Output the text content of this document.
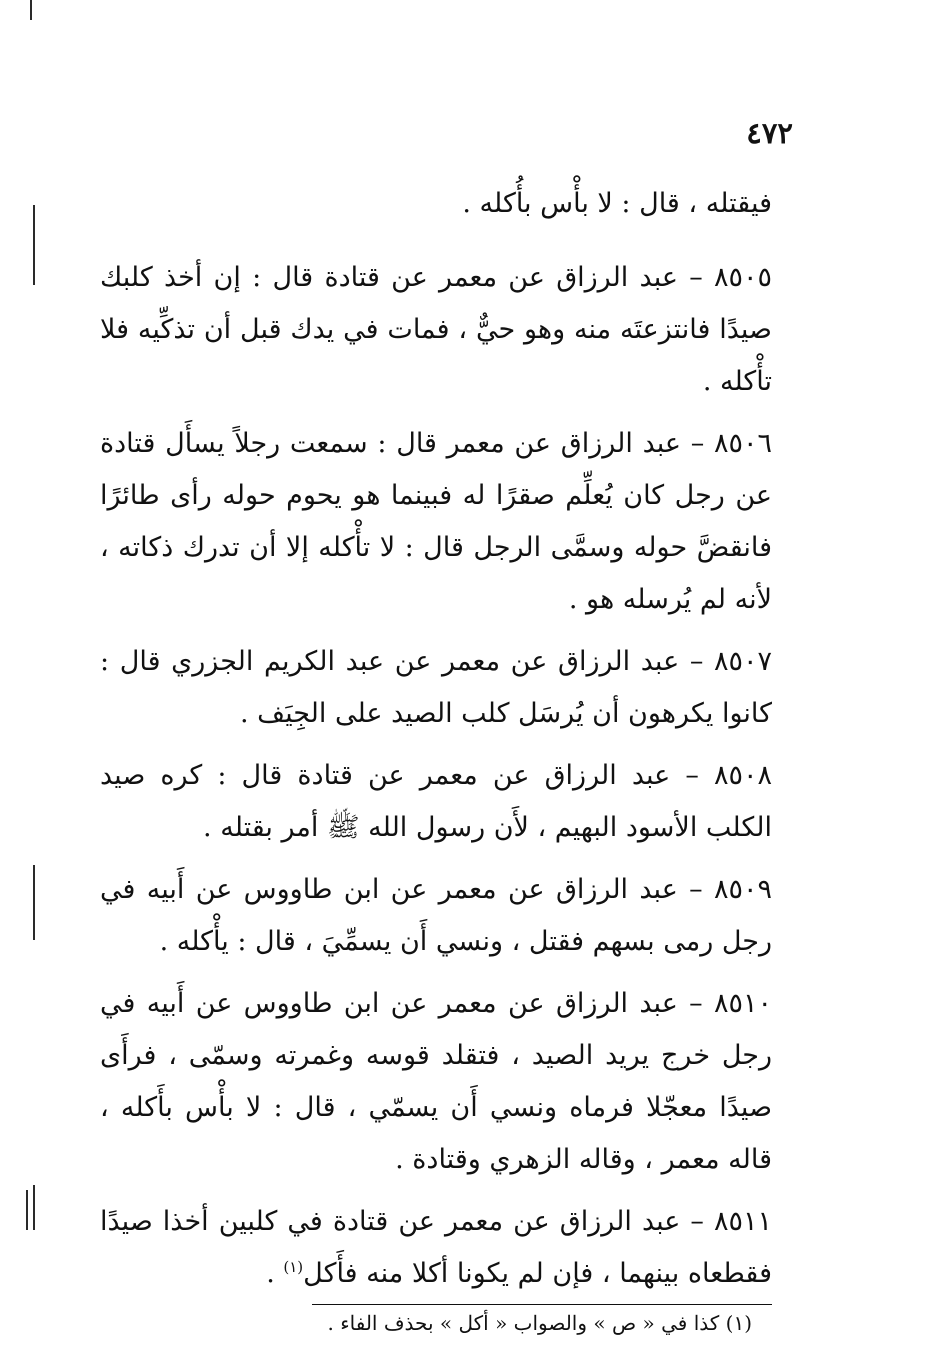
٤٧٢

فيقتله ، قال : لا بأْس بأُكله .

٨٥٠٥ – عبد الرزاق عن معمر عن قتادة قال : إن أخذ كلبك صيدًا فانتزعتَه منه وهو حيٌّ ، فمات في يدك قبل أن تذكِّيه فلا تأْكله .

٨٥٠٦ – عبد الرزاق عن معمر قال : سمعت رجلاً يسأَل قتادة عن رجل كان يُعلِّم صقرًا له فبينما هو يحوم حوله رأى طائرًا فانقضَّ حوله وسمَّى الرجل قال : لا تأْكله إلا أن تدرك ذكاته ، لأنه لم يُرسله هو .

٨٥٠٧ – عبد الرزاق عن معمر عن عبد الكريم الجزري قال : كانوا يكرهون أن يُرسَل كلب الصيد على الجِيَف .

٨٥٠٨ – عبد الرزاق عن معمر عن قتادة قال : كره صيد الكلب الأسود البهيم ، لأَن رسول الله ﷺ أمر بقتله .

٨٥٠٩ – عبد الرزاق عن معمر عن ابن طاووس عن أَبيه في رجل رمى بسهم فقتل ، ونسي أَن يسمِّيَ ، قال : يأْكله .

٨٥١٠ – عبد الرزاق عن معمر عن ابن طاووس عن أَبيه في رجل خرج يريد الصيد ، فتقلد قوسه وغمرته وسمّى ، فرأَى صيدًا معجّلا فرماه ونسي أَن يسمّي ، قال : لا بأْس بأَكله ، قاله معمر ، وقاله الزهري وقتادة .

٨٥١١ – عبد الرزاق عن معمر عن قتادة في كلبين أخذا صيدًا فقطعاه بينهما ، فإن لم يكونا أكلا منه فأَكل$^{(١)}$ .

(١) كذا في « ص » والصواب « أكل » بحذف الفاء .
